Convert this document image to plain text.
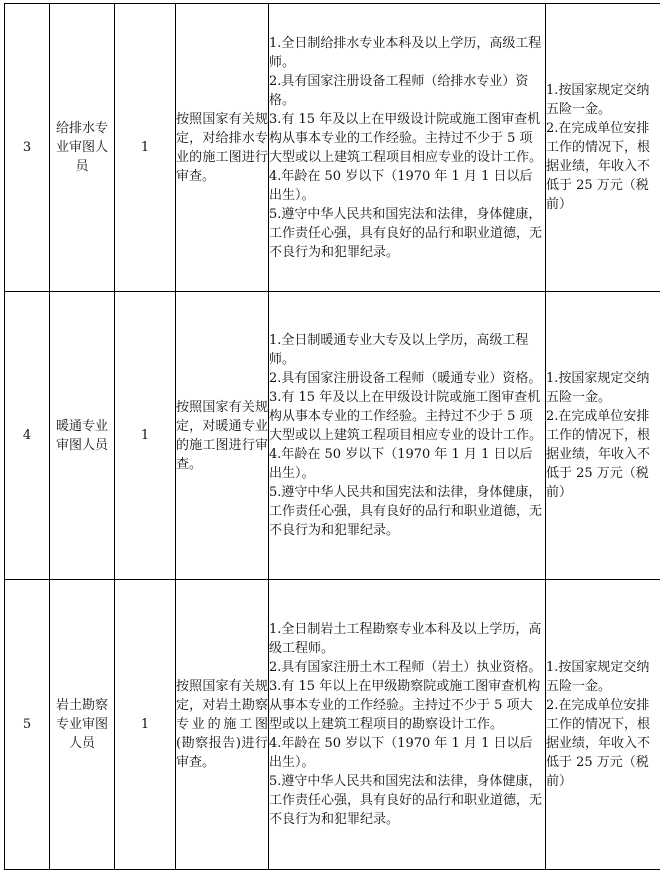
3	给排水专业审图人员	1	按照国家有关规定，对给排水专业的施工图进行审查。	1.全日制给排水专业本科及以上学历，高级工程师。
2.具有国家注册设备工程师（给排水专业）资格。
3.有 15 年及以上在甲级设计院或施工图审查机构从事本专业的工作经验。主持过不少于 5 项大型或以上建筑工程项目相应专业的设计工作。
4.年龄在 50 岁以下（1970 年 1 月 1 日以后出生）。
5.遵守中华人民共和国宪法和法律，身体健康，工作责任心强，具有良好的品行和职业道德，无不良行为和犯罪纪录。	1.按国家规定交纳五险一金。
2.在完成单位安排工作的情况下，根据业绩，年收入不低于 25 万元（税前）

4	暖通专业审图人员	1	按照国家有关规定，对暖通专业的施工图进行审查。	1.全日制暖通专业大专及以上学历，高级工程师。
2.具有国家注册设备工程师（暖通专业）资格。
3.有 15 年及以上在甲级设计院或施工图审查机构从事本专业的工作经验。主持过不少于 5 项大型或以上建筑工程项目相应专业的设计工作。
4.年龄在 50 岁以下（1970 年 1 月 1 日以后出生）。
5.遵守中华人民共和国宪法和法律，身体健康，工作责任心强，具有良好的品行和职业道德，无不良行为和犯罪纪录。	1.按国家规定交纳五险一金。
2.在完成单位安排工作的情况下，根据业绩，年收入不低于 25 万元（税前）

5	岩土勘察专业审图人员	1	按照国家有关规定，对岩土勘察专业的施工图(勘察报告)进行审查。	1.全日制岩土工程勘察专业本科及以上学历，高级工程师。
2.具有国家注册土木工程师（岩土）执业资格。
3.有 15 年以上在甲级勘察院或施工图审查机构从事本专业的工作经验。主持过不少于 5 项大型或以上建筑工程项目的勘察设计工作。
4.年龄在 50 岁以下（1970 年 1 月 1 日以后出生）。
5.遵守中华人民共和国宪法和法律，身体健康，工作责任心强，具有良好的品行和职业道德，无不良行为和犯罪纪录。	1.按国家规定交纳五险一金。
2.在完成单位安排工作的情况下，根据业绩，年收入不低于 25 万元（税前）
